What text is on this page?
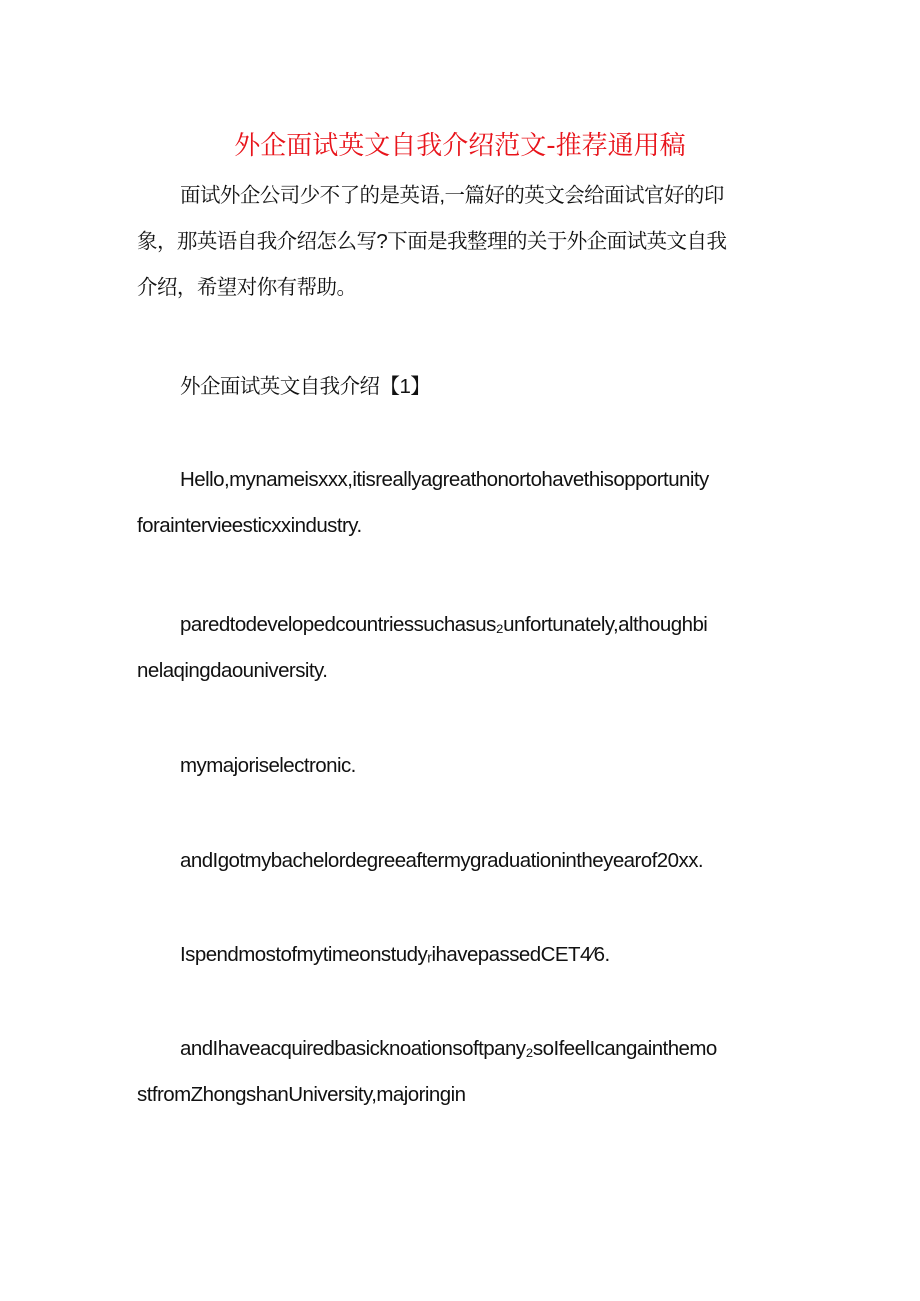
外企面试英文自我介绍范文-推荐通用稿
面试外企公司少不了的是英语,一篇好的英文会给面试官好的印
象，那英语自我介绍怎么写?下面是我整理的关于外企面试英文自我
介绍，希望对你有帮助。
外企面试英文自我介绍【1】
Hello,mynameisxxx,itisreallyagreathonortohavethisopportunity
forainterviеesticxxindustry.
paredtodevelopedcountriessuchasus₂unfortunately,althoughbi
nelaqingdaouniversity.
mymajoriselectronic.
andIgotmybachelordegreeaftermygraduationintheyearof20xx.
IspendmostofmytimeonstudyᵣihavepassedCET4⁄6.
andIhaveacquiredbasicknoationsoftpany₂soIfeelIcangainthemo
stfromZhongshanUniversity,majoringin
